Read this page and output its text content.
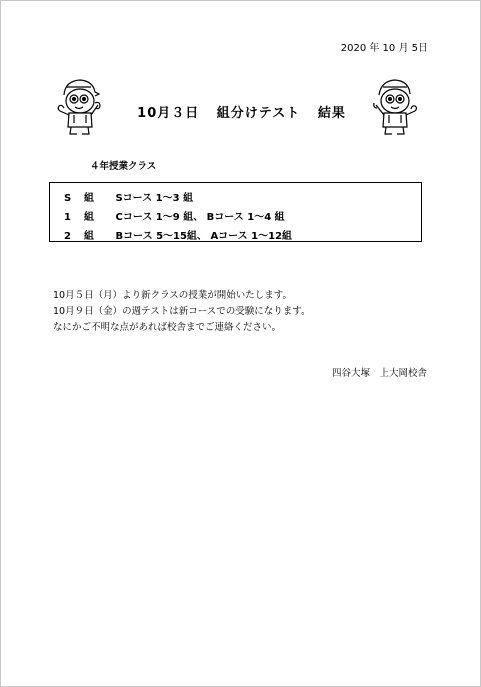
2020 年 10 月 5日
10月３日 組分けテスト 結果
４年授業クラス
S 組 Sコース 1～3 組
1 組 Cコース 1～9 組、 Bコース 1～4 組
2 組 Bコース 5～15組、 Aコース 1～12組
10月５日（月）より新クラスの授業が開始いたします。
10月９日（金）の週テストは新コースでの受験になります。
なにかご不明な点があれば校舎までご連絡ください。
四谷大塚　上大岡校舎
